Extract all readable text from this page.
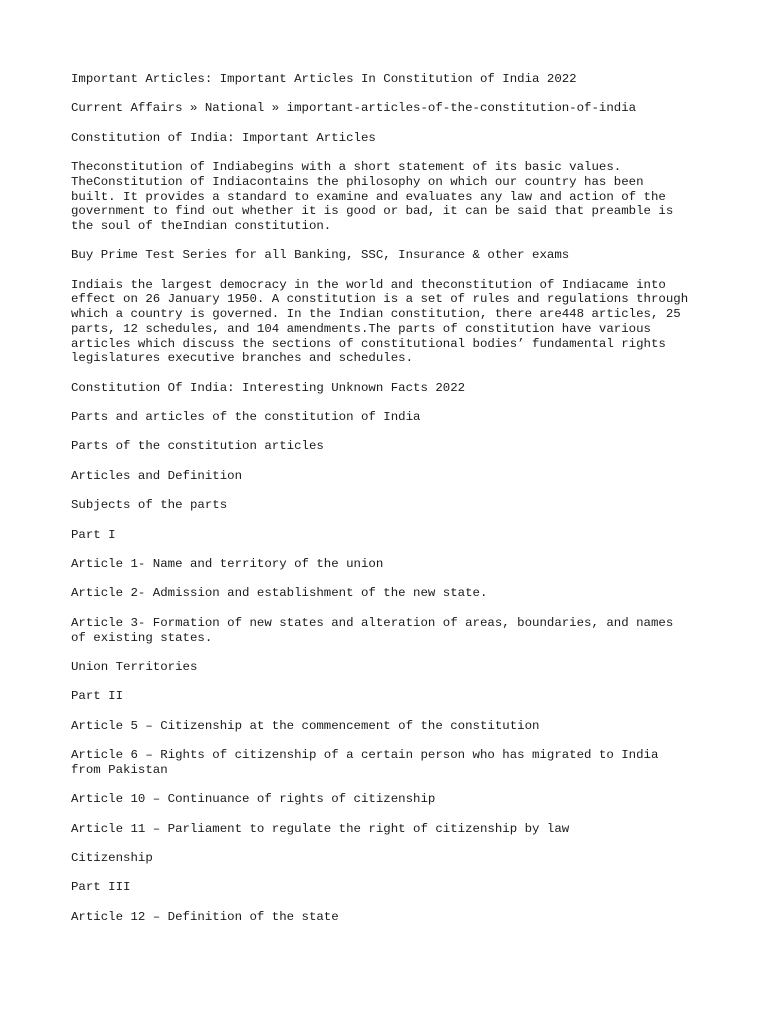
Important Articles: Important Articles In Constitution of India 2022

Current Affairs » National » important-articles-of-the-constitution-of-india

Constitution of India: Important Articles

Theconstitution of Indiabegins with a short statement of its basic values.
TheConstitution of Indiacontains the philosophy on which our country has been
built. It provides a standard to examine and evaluates any law and action of the
government to find out whether it is good or bad, it can be said that preamble is
the soul of theIndian constitution.

Buy Prime Test Series for all Banking, SSC, Insurance & other exams

Indiais the largest democracy in the world and theconstitution of Indiacame into
effect on 26 January 1950. A constitution is a set of rules and regulations through
which a country is governed. In the Indian constitution, there are448 articles, 25
parts, 12 schedules, and 104 amendments.The parts of constitution have various
articles which discuss the sections of constitutional bodies’ fundamental rights
legislatures executive branches and schedules.

Constitution Of India: Interesting Unknown Facts 2022

Parts and articles of the constitution of India

Parts of the constitution articles

Articles and Definition

Subjects of the parts

Part I

Article 1- Name and territory of the union

Article 2- Admission and establishment of the new state.

Article 3- Formation of new states and alteration of areas, boundaries, and names
of existing states.

Union Territories

Part II

Article 5 – Citizenship at the commencement of the constitution

Article 6 – Rights of citizenship of a certain person who has migrated to India
from Pakistan

Article 10 – Continuance of rights of citizenship

Article 11 – Parliament to regulate the right of citizenship by law

Citizenship

Part III

Article 12 – Definition of the state
